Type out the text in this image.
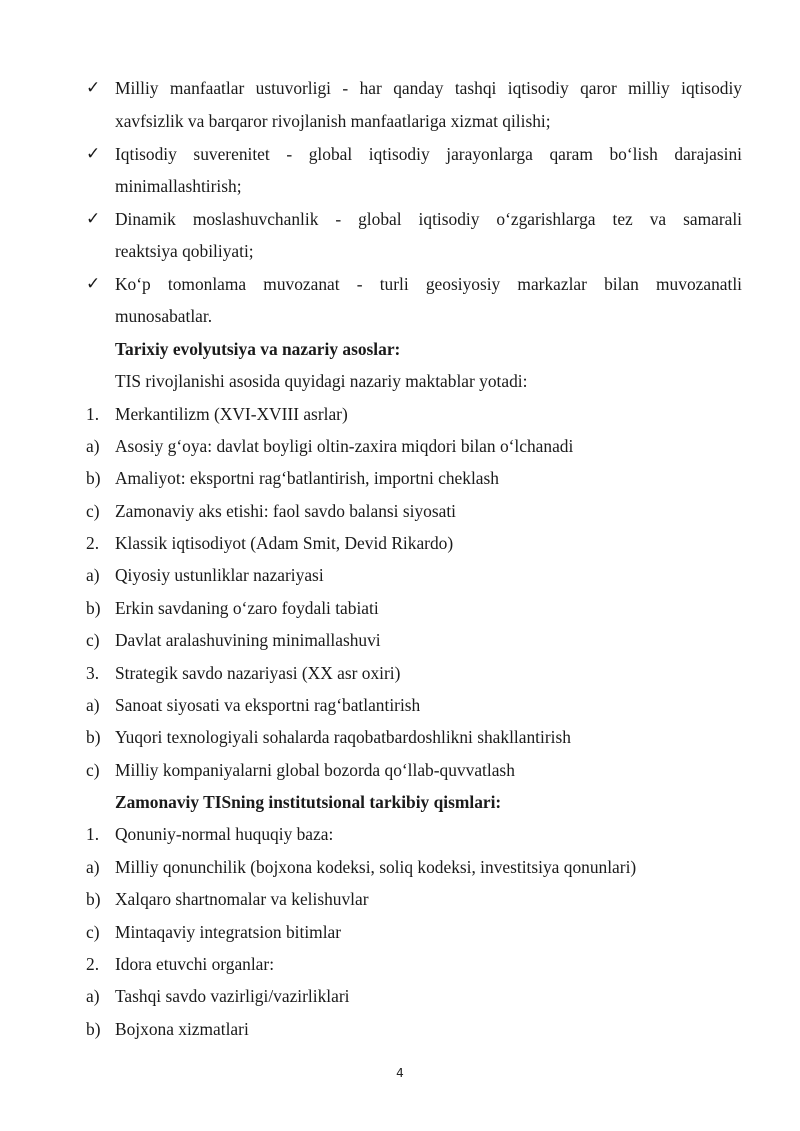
✓ Milliy manfaatlar ustuvorligi - har qanday tashqi iqtisodiy qaror milliy iqtisodiy
xavfsizlik va barqaror rivojlanish manfaatlariga xizmat qilishi;
✓ Iqtisodiy suverenitet - global iqtisodiy jarayonlarga qaram bo‘lish darajasini
minimallashtirish;
✓ Dinamik moslashuvchanlik - global iqtisodiy o‘zgarishlarga tez va samarali
reaktsiya qobiliyati;
✓ Ko‘p tomonlama muvozanat - turli geosiyosiy markazlar bilan muvozanatli
munosabatlar.
Tarixiy evolyutsiya va nazariy asoslar:
TIS rivojlanishi asosida quyidagi nazariy maktablar yotadi:
1. Merkantilizm (XVI-XVIII asrlar)
a) Asosiy g‘oya: davlat boyligi oltin-zaxira miqdori bilan o‘lchanadi
b) Amaliyot: eksportni rag‘batlantirish, importni cheklash
c) Zamonaviy aks etishi: faol savdo balansi siyosati
2. Klassik iqtisodiyot (Adam Smit, Devid Rikardo)
a) Qiyosiy ustunliklar nazariyasi
b) Erkin savdaning o‘zaro foydali tabiati
c) Davlat aralashuvining minimallashuvi
3. Strategik savdo nazariyasi (XX asr oxiri)
a) Sanoat siyosati va eksportni rag‘batlantirish
b) Yuqori texnologiyali sohalarda raqobatbardoshlikni shakllantirish
c) Milliy kompaniyalarni global bozorda qo‘llab-quvvatlash
Zamonaviy TISning institutsional tarkibiy qismlari:
1. Qonuniy-normal huquqiy baza:
a) Milliy qonunchilik (bojxona kodeksi, soliq kodeksi, investitsiya qonunlari)
b) Xalqaro shartnomalar va kelishuvlar
c) Mintaqaviy integratsion bitimlar
2. Idora etuvchi organlar:
a) Tashqi savdo vazirligi/vazirliklari
b) Bojxona xizmatlari
4
